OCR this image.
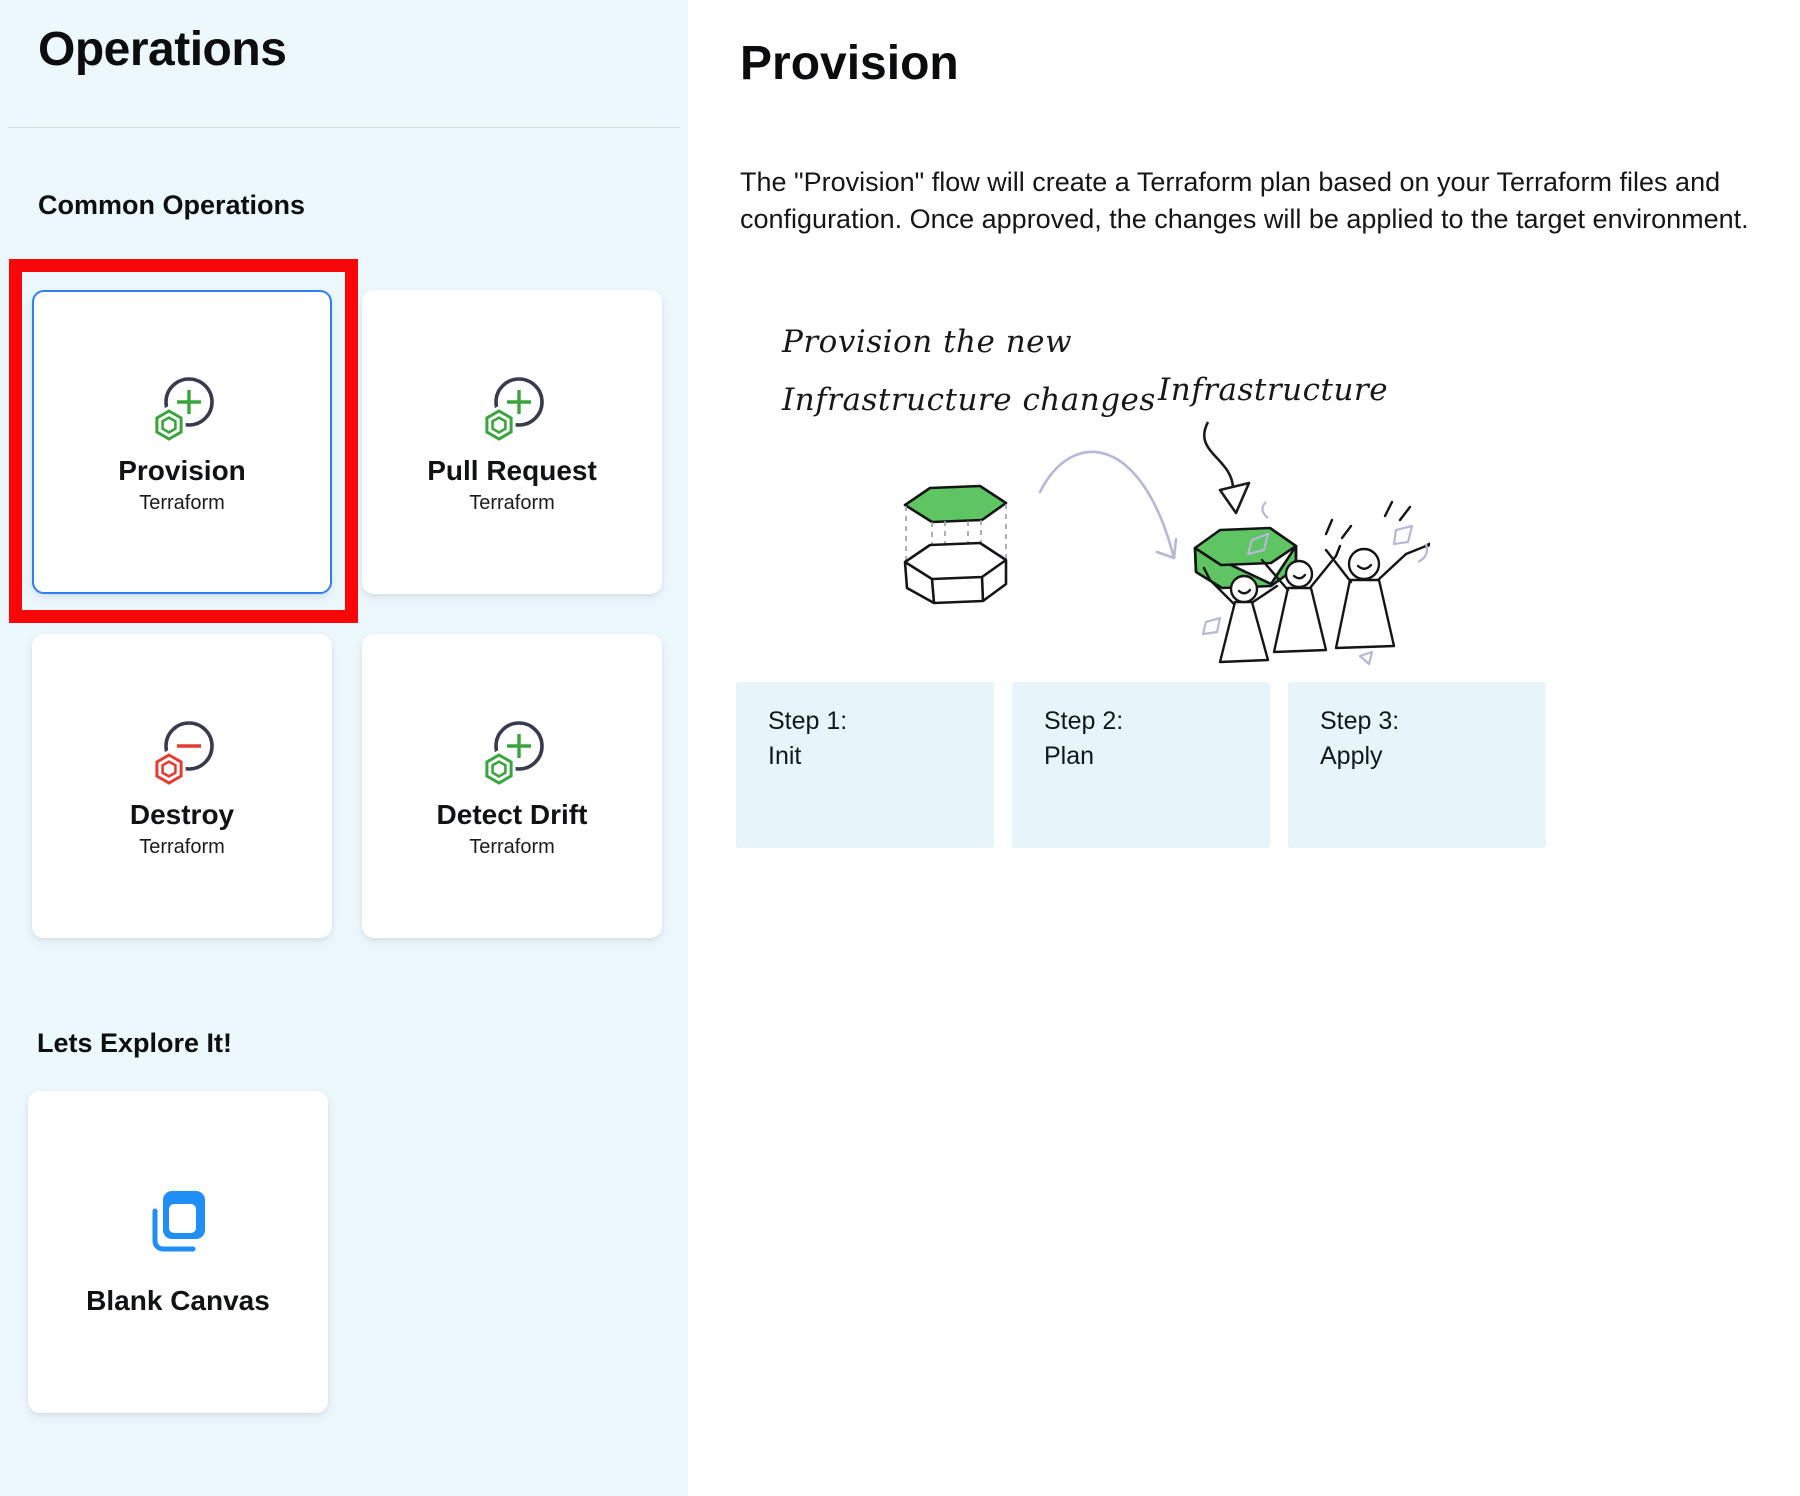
Operations
Common Operations
Provision
Terraform
Pull Request
Terraform
Destroy
Terraform
Detect Drift
Terraform
Lets Explore It!
Blank Canvas
Provision
The "Provision" flow will create a Terraform plan based on your Terraform files and configuration. Once approved, the changes will be applied to the target environment.
Provision the new
Infrastructure changes Infrastructure
Step 1:
Init
Step 2:
Plan
Step 3:
Apply
